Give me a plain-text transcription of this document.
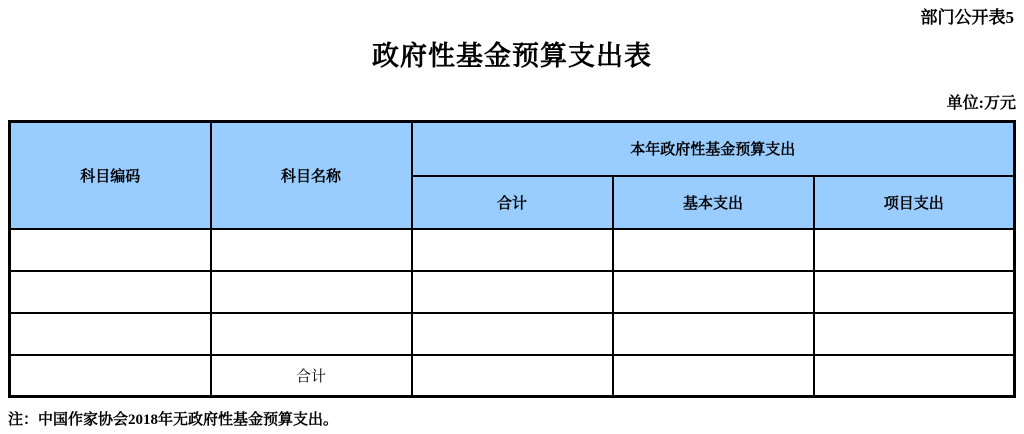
部门公开表5
政府性基金预算支出表
单位:万元
科目编码	科目名称	本年政府性基金预算支出		
		合计	基本支出	项目支出

	合计			
注：中国作家协会2018年无政府性基金预算支出。
